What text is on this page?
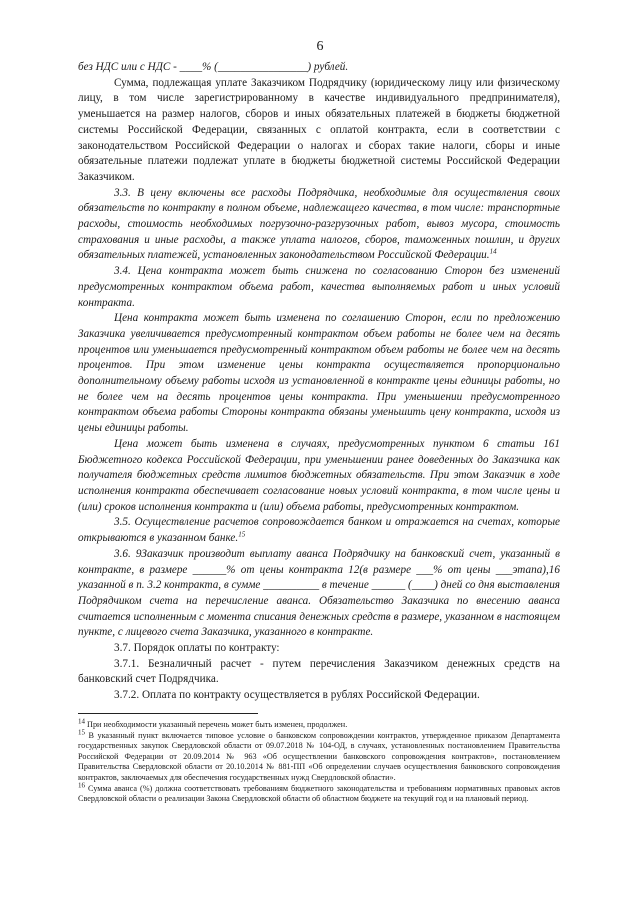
6

без НДС или с НДС - ____% (________________) рублей.

Сумма, подлежащая уплате Заказчиком Подрядчику (юридическому лицу или физическому лицу, в том числе зарегистрированному в качестве индивидуального предпринимателя), уменьшается на размер налогов, сборов и иных обязательных платежей в бюджеты бюджетной системы Российской Федерации, связанных с оплатой контракта, если в соответствии с законодательством Российской Федерации о налогах и сборах такие налоги, сборы и иные обязательные платежи подлежат уплате в бюджеты бюджетной системы Российской Федерации Заказчиком.

3.3. В цену включены все расходы Подрядчика, необходимые для осуществления своих обязательств по контракту в полном объеме, надлежащего качества, в том числе: транспортные расходы, стоимость необходимых погрузочно-разгрузочных работ, вывоз мусора, стоимость страхования и иные расходы, а также уплата налогов, сборов, таможенных пошлин, и других обязательных платежей, установленных законодательством Российской Федерации.$^{14}$

3.4. Цена контракта может быть снижена по согласованию Сторон без изменений предусмотренных контрактом объема работ, качества выполняемых работ и иных условий контракта.

Цена контракта может быть изменена по соглашению Сторон, если по предложению Заказчика увеличивается предусмотренный контрактом объем работы не более чем на десять процентов или уменьшается предусмотренный контрактом объем работы не более чем на десять процентов. При этом изменение цены контракта осуществляется пропорционально дополнительному объему работы исходя из установленной в контракте цены единицы работы, но не более чем на десять процентов цены контракта. При уменьшении предусмотренного контрактом объема работы Стороны контракта обязаны уменьшить цену контракта, исходя из цены единицы работы.

Цена может быть изменена в случаях, предусмотренных пунктом 6 статьи 161 Бюджетного кодекса Российской Федерации, при уменьшении ранее доведенных до Заказчика как получателя бюджетных средств лимитов бюджетных обязательств. При этом Заказчик в ходе исполнения контракта обеспечивает согласование новых условий контракта, в том числе цены и (или) сроков исполнения контракта и (или) объема работы, предусмотренных контрактом.

3.5. Осуществление расчетов сопровождается банком и отражается на счетах, которые открываются в указанном банке.$^{15}$

3.6. 9Заказчик производит выплату аванса Подрядчику на банковский счет, указанный в контракте, в размере ______% от цены контракта 12(в размере ___% от цены ___этапа),16 указанной в п. 3.2 контракта, в сумме __________ в течение ______ (____) дней со дня выставления Подрядчиком счета на перечисление аванса. Обязательство Заказчика по внесению аванса считается исполненным с момента списания денежных средств в размере, указанном в настоящем пункте, с лицевого счета Заказчика, указанного в контракте.

3.7. Порядок оплаты по контракту:

3.7.1. Безналичный расчет - путем перечисления Заказчиком денежных средств на банковский счет Подрядчика.

3.7.2. Оплата по контракту осуществляется в рублях Российской Федерации.

$^{14}$ При необходимости указанный перечень может быть изменен, продолжен.

$^{15}$ В указанный пункт включается типовое условие о банковском сопровождении контрактов, утвержденное приказом Департамента государственных закупок Свердловской области от 09.07.2018 № 104-ОД, в случаях, установленных постановлением Правительства Российской Федерации от 20.09.2014 № 963 «Об осуществлении банковского сопровождения контрактов», постановлением Правительства Свердловской области от 20.10.2014 № 881-ПП «Об определении случаев осуществления банковского сопровождения контрактов, заключаемых для обеспечения государственных нужд Свердловской области».

$^{16}$ Сумма аванса (%) должна соответствовать требованиям бюджетного законодательства и требованиям нормативных правовых актов Свердловской области о реализации Закона Свердловской области об областном бюджете на текущий год и на плановый период.
